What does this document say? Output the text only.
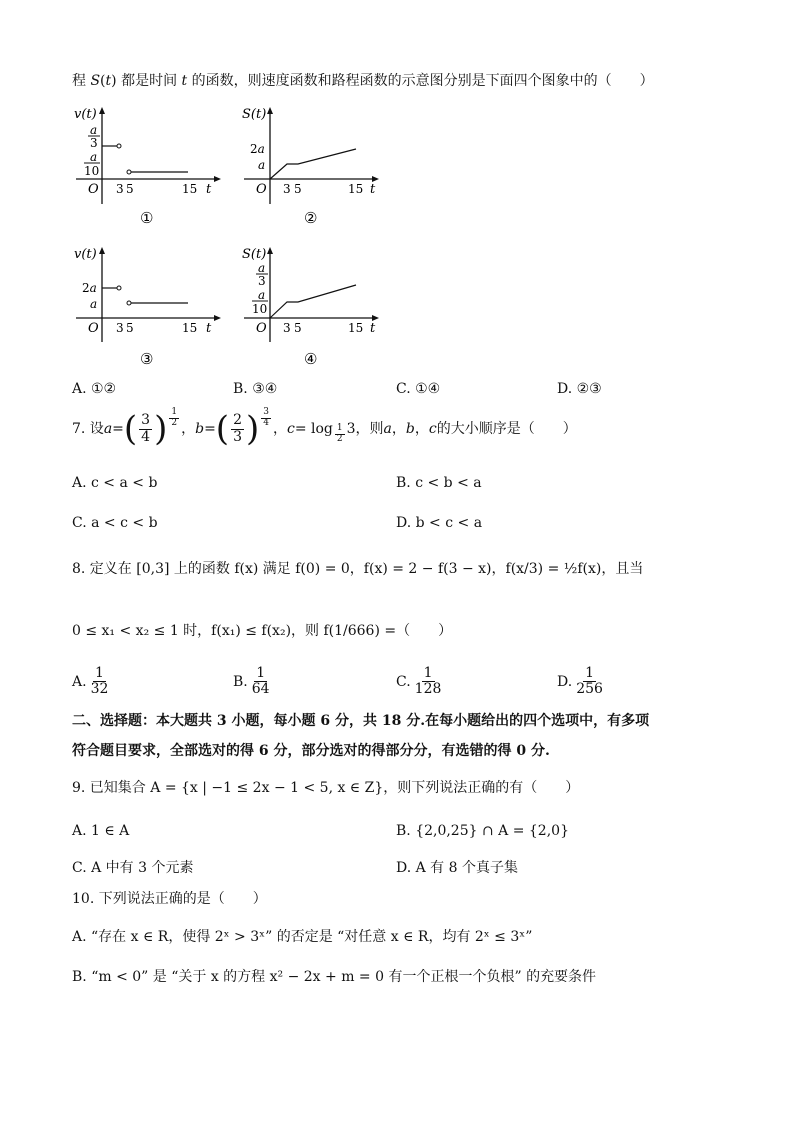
程 S(t) 都是时间 t 的函数，则速度函数和路程函数的示意图分别是下面四个图象中的（　　）
v(t)
O	t
3 5	15
a
3
a
10
①
S(t)
O	t
3 5	15
2a
a
②
v(t)
O	t
3 5	15
2a
a
③
S(t)
O	t
3 5	15
a
3
a
10
④
A. ①②	B. ③④	C. ①④	D. ②③
7. 设 a = ( $\frac{3}{4}$ ) $\frac{1}{2}$
， b = ( $\frac{2}{3}$ ) $\frac{3}{4}$
， $c = \log \frac{1}{2} 3$，则 a ， b ， c 的大小顺序是（　　）
A. c < a < b	B. c < b < a
C. a < c < b	D. b < c < a
8. 定义在 [0,3] 上的函数 f(x) 满足 f(0) = 0，f(x) = 2 − f(3 − x)，f(x/3) = ½f(x)，且当
0 ≤ x₁ < x₂ ≤ 1 时，f(x₁) ≤ f(x₂)，则 f(1/666) =（　　）
A. $\frac{1}{32}$	B. $\frac{1}{64}$	C. $\frac{1}{128}$	D. $\frac{1}{256}$
二、选择题：本大题共 3 小题，每小题 6 分，共 18 分.在每小题给出的四个选项中，有多项
符合题目要求，全部选对的得 6 分，部分选对的得部分分，有选错的得 0 分.
9. 已知集合 A = {x | −1 ≤ 2x − 1 < 5, x ∈ Z}，则下列说法正确的有（　　）
A. 1 ∈ A	B. {2,0,25} ∩ A = {2,0}
C. A 中有 3 个元素	D. A 有 8 个真子集
10. 下列说法正确的是（　　）
A. “存在 x ∈ R，使得 2ˣ > 3ˣ” 的否定是 “对任意 x ∈ R，均有 2ˣ ≤ 3ˣ”
B. “m < 0” 是 “关于 x 的方程 x² − 2x + m = 0 有一个正根一个负根” 的充要条件
